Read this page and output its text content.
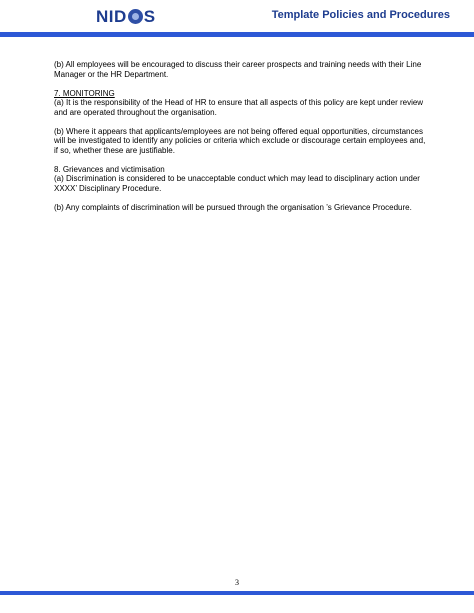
NID S	Template Policies and Procedures

(b) All employees will be encouraged to discuss their career prospects and training needs with their Line Manager or the HR Department.

7. MONITORING
(a) It is the responsibility of the Head of HR to ensure that all aspects of this policy are kept under review and are operated throughout the organisation.

(b) Where it appears that applicants/employees are not being offered equal opportunities, circumstances will be investigated to identify any policies or criteria which exclude or discourage certain employees and, if so, whether these are justifiable.

8. Grievances and victimisation
(a) Discrimination is considered to be unacceptable conduct which may lead to disciplinary action under XXXX’ Disciplinary Procedure.

(b) Any complaints of discrimination will be pursued through the organisation ’s Grievance Procedure.

3
